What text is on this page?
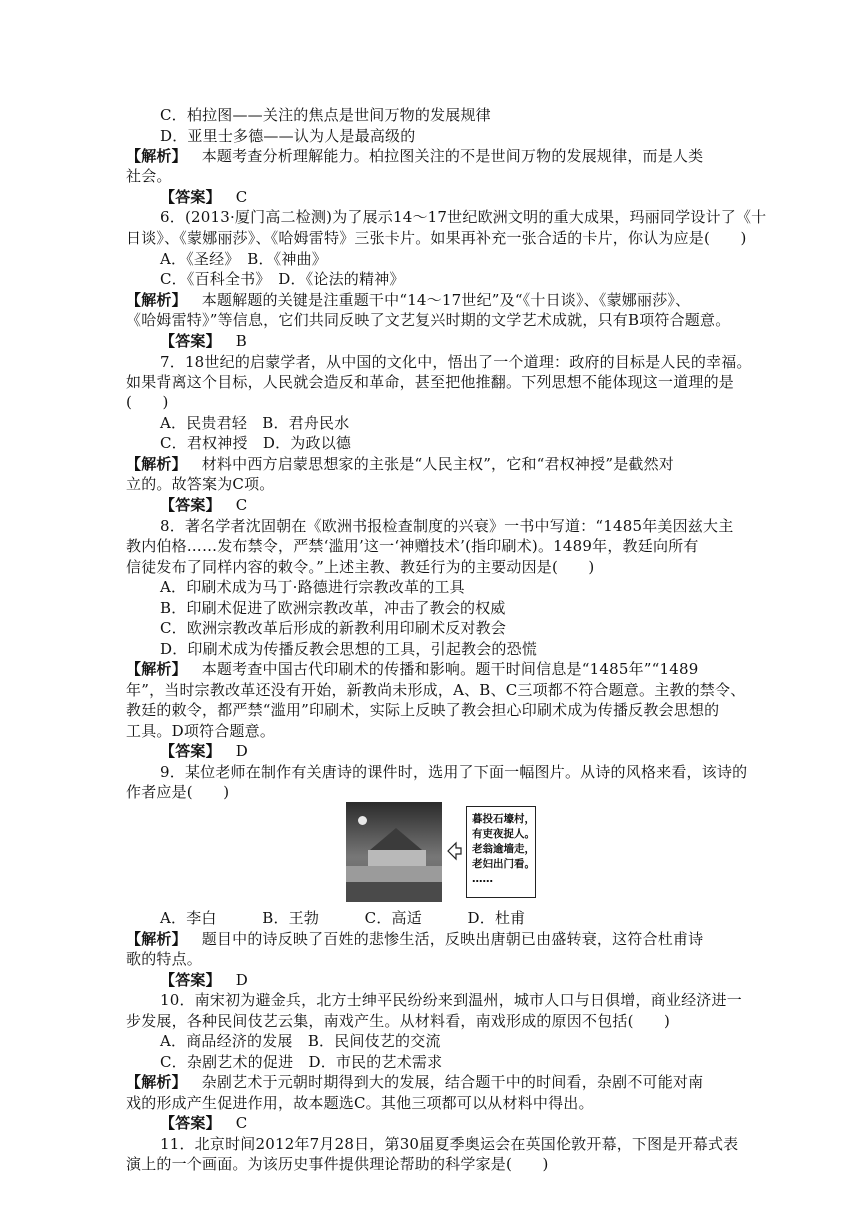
C．柏拉图——关注的焦点是世间万物的发展规律
D．亚里士多德——认为人是最高级的
【解析】 本题考查分析理解能力。柏拉图关注的不是世间万物的发展规律，而是人类
社会。
【答案】 C
6．(2013·厦门高二检测)为了展示14～17世纪欧洲文明的重大成果，玛丽同学设计了《十
日谈》、《蒙娜丽莎》、《哈姆雷特》三张卡片。如果再补充一张合适的卡片，你认为应是(　　)
A．《圣经》　B．《神曲》
C．《百科全书》　D．《论法的精神》
【解析】 本题解题的关键是注重题干中“14～17世纪”及“《十日谈》、《蒙娜丽莎》、
《哈姆雷特》”等信息，它们共同反映了文艺复兴时期的文学艺术成就，只有B项符合题意。
【答案】 B
7．18世纪的启蒙学者，从中国的文化中，悟出了一个道理：政府的目标是人民的幸福。
如果背离这个目标，人民就会造反和革命，甚至把他推翻。下列思想不能体现这一道理的是
(　　)
A．民贵君轻　B．君舟民水
C．君权神授　D．为政以德
【解析】 材料中西方启蒙思想家的主张是“人民主权”，它和“君权神授”是截然对
立的。故答案为C项。
【答案】 C
8．著名学者沈固朝在《欧洲书报检查制度的兴衰》一书中写道：“1485年美因兹大主
教内伯格……发布禁令，严禁‘滥用’这一‘神赠技术’(指印刷术)。1489年，教廷向所有
信徒发布了同样内容的敕令。”上述主教、教廷行为的主要动因是(　　)
A．印刷术成为马丁·路德进行宗教改革的工具
B．印刷术促进了欧洲宗教改革，冲击了教会的权威
C．欧洲宗教改革后形成的新教利用印刷术反对教会
D．印刷术成为传播反教会思想的工具，引起教会的恐慌
【解析】 本题考查中国古代印刷术的传播和影响。题干时间信息是“1485年”“1489
年”，当时宗教改革还没有开始，新教尚未形成，A、B、C三项都不符合题意。主教的禁令、
教廷的敕令，都严禁“滥用”印刷术，实际上反映了教会担心印刷术成为传播反教会思想的
工具。D项符合题意。
【答案】 D
9．某位老师在制作有关唐诗的课件时，选用了下面一幅图片。从诗的风格来看，该诗的
作者应是(　　)
暮投石壕村，
有吏夜捉人。
老翁逾墙走，
老妇出门看。
……
A．李白　　　B．王勃　　　C．高适　　　D．杜甫
【解析】 题目中的诗反映了百姓的悲惨生活，反映出唐朝已由盛转衰，这符合杜甫诗
歌的特点。
【答案】 D
10．南宋初为避金兵，北方士绅平民纷纷来到温州，城市人口与日俱增，商业经济进一
步发展，各种民间伎艺云集，南戏产生。从材料看，南戏形成的原因不包括(　　)
A．商品经济的发展　B．民间伎艺的交流
C．杂剧艺术的促进　D．市民的艺术需求
【解析】 杂剧艺术于元朝时期得到大的发展，结合题干中的时间看，杂剧不可能对南
戏的形成产生促进作用，故本题选C。其他三项都可以从材料中得出。
【答案】 C
11．北京时间2012年7月28日，第30届夏季奥运会在英国伦敦开幕，下图是开幕式表
演上的一个画面。为该历史事件提供理论帮助的科学家是(　　)
